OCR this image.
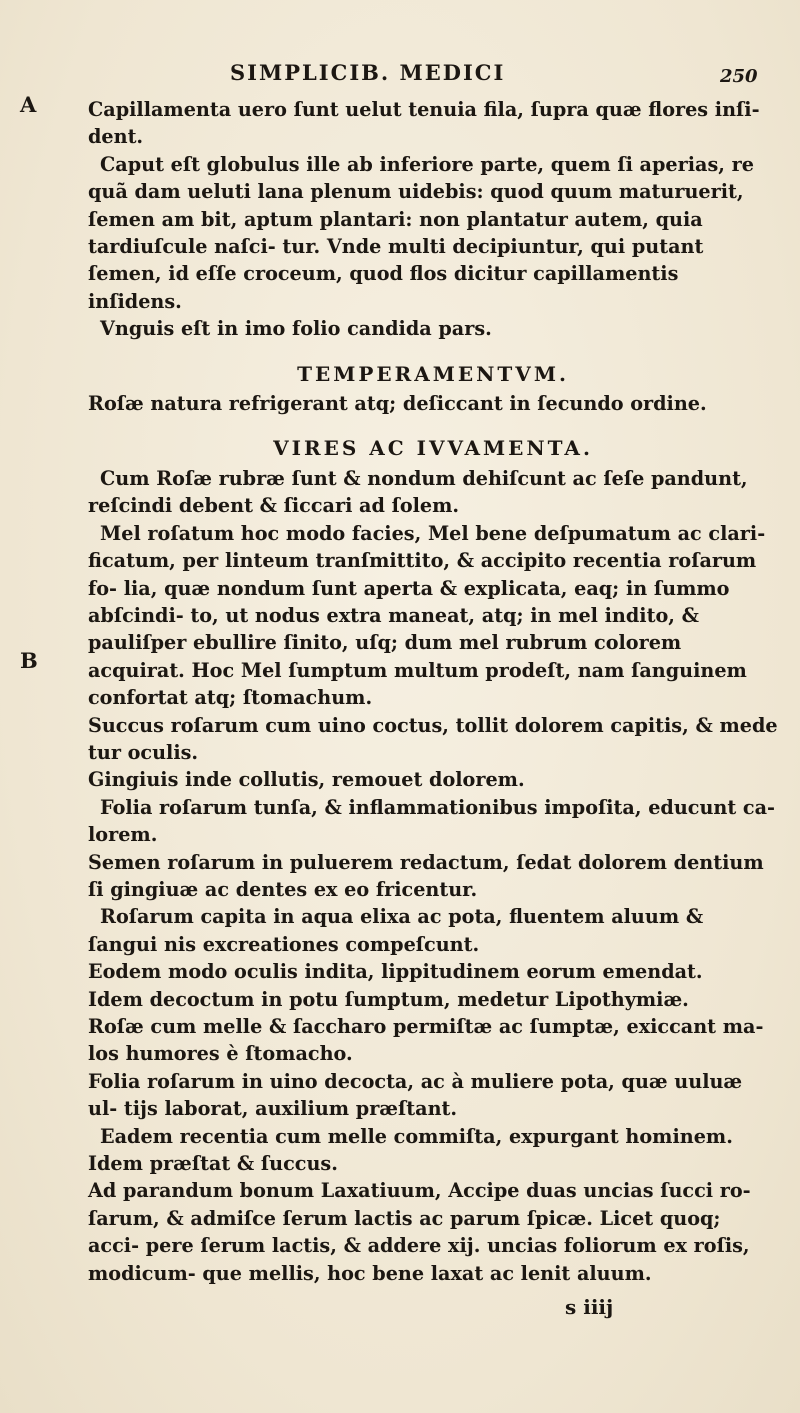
SIMPLICIB. MEDICI	250
A
B

Capillamenta uero ſunt uelut tenuia fila, ſupra quæ flores inſi- dent.

Caput eſt globulus ille ab inferiore parte, quem ſi aperias, re quã dam ueluti lana plenum uidebis: quod quum maturuerit, ſemen am bit, aptum plantari: non plantatur autem, quia tardiuſcule naſci- tur. Vnde multi decipiuntur, qui putant ſemen, id eſſe croceum, quod flos dicitur capillamentis inſidens.

Vnguis eſt in imo folio candida pars.

TEMPERAMENTVM.

Roſæ natura refrigerant atq; deſiccant in ſecundo ordine.

VIRES AC IVVAMENTA.

Cum Roſæ rubræ ſunt & nondum dehiſcunt ac ſeſe pandunt, reſcindi debent & ſiccari ad ſolem.

Mel roſatum hoc modo facies, Mel bene deſpumatum ac clari- ficatum, per linteum tranſmittito, & accipito recentia roſarum fo- lia, quæ nondum ſunt aperta & explicata, eaq; in ſummo abſcindi- to, ut nodus extra maneat, atq; in mel indito, & pauliſper ebullire ſinito, uſq; dum mel rubrum colorem acquirat. Hoc Mel ſumptum multum prodeſt, nam ſanguinem confortat atq; ſtomachum.

Succus roſarum cum uino coctus, tollit dolorem capitis, & mede tur oculis.

Gingiuis inde collutis, remouet dolorem.

Folia roſarum tunſa, & inflammationibus impoſita, educunt ca- lorem.

Semen roſarum in puluerem redactum, ſedat dolorem dentium ſi gingiuæ ac dentes ex eo fricentur.

Roſarum capita in aqua elixa ac pota, fluentem aluum & ſangui nis excreationes compeſcunt.

Eodem modo oculis indita, lippitudinem eorum emendat.

Idem decoctum in potu ſumptum, medetur Lipothymiæ.

Roſæ cum melle & ſaccharo permiſtæ ac ſumptæ, exiccant ma- los humores è ſtomacho.

Folia roſarum in uino decocta, ac à muliere pota, quæ uuluæ ul- tijs laborat, auxilium præſtant.

Eadem recentia cum melle commiſta, expurgant hominem.

Idem præſtat & ſuccus.

Ad parandum bonum Laxatiuum, Accipe duas uncias ſucci ro- ſarum, & admiſce ſerum lactis ac parum ſpicæ. Licet quoq; acci- pere ſerum lactis, & addere xij. uncias foliorum ex roſis, modicum- que mellis, hoc bene laxat ac lenit aluum.

s iiij
